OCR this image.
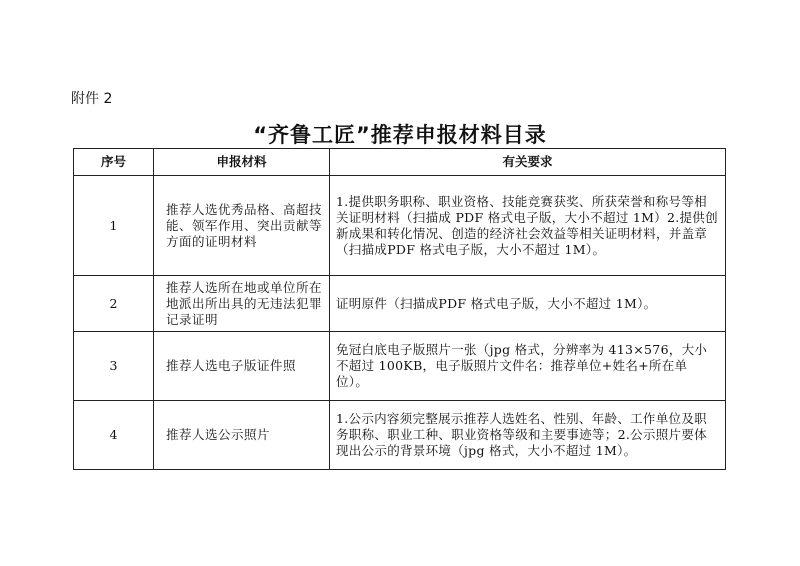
附件 2
“齐鲁工匠”推荐申报材料目录
序号	申报材料	有关要求
1	推荐人选优秀品格、高超技能、领军作用、突出贡献等方面的证明材料	1.提供职务职称、职业资格、技能竞赛获奖、所获荣誉和称号等相关证明材料（扫描成 PDF 格式电子版，大小不超过 1M）2.提供创新成果和转化情况、创造的经济社会效益等相关证明材料，并盖章（扫描成PDF 格式电子版，大小不超过 1M）。
2	推荐人选所在地或单位所在地派出所出具的无违法犯罪记录证明	证明原件（扫描成PDF 格式电子版，大小不超过 1M）。
3	推荐人选电子版证件照	免冠白底电子版照片一张（jpg 格式，分辨率为 413×576，大小不超过 100KB，电子版照片文件名：推荐单位+姓名+所在单位）。
4	推荐人选公示照片	1.公示内容须完整展示推荐人选姓名、性别、年龄、工作单位及职务职称、职业工种、职业资格等级和主要事迹等；2.公示照片要体现出公示的背景环境（jpg 格式，大小不超过 1M）。
